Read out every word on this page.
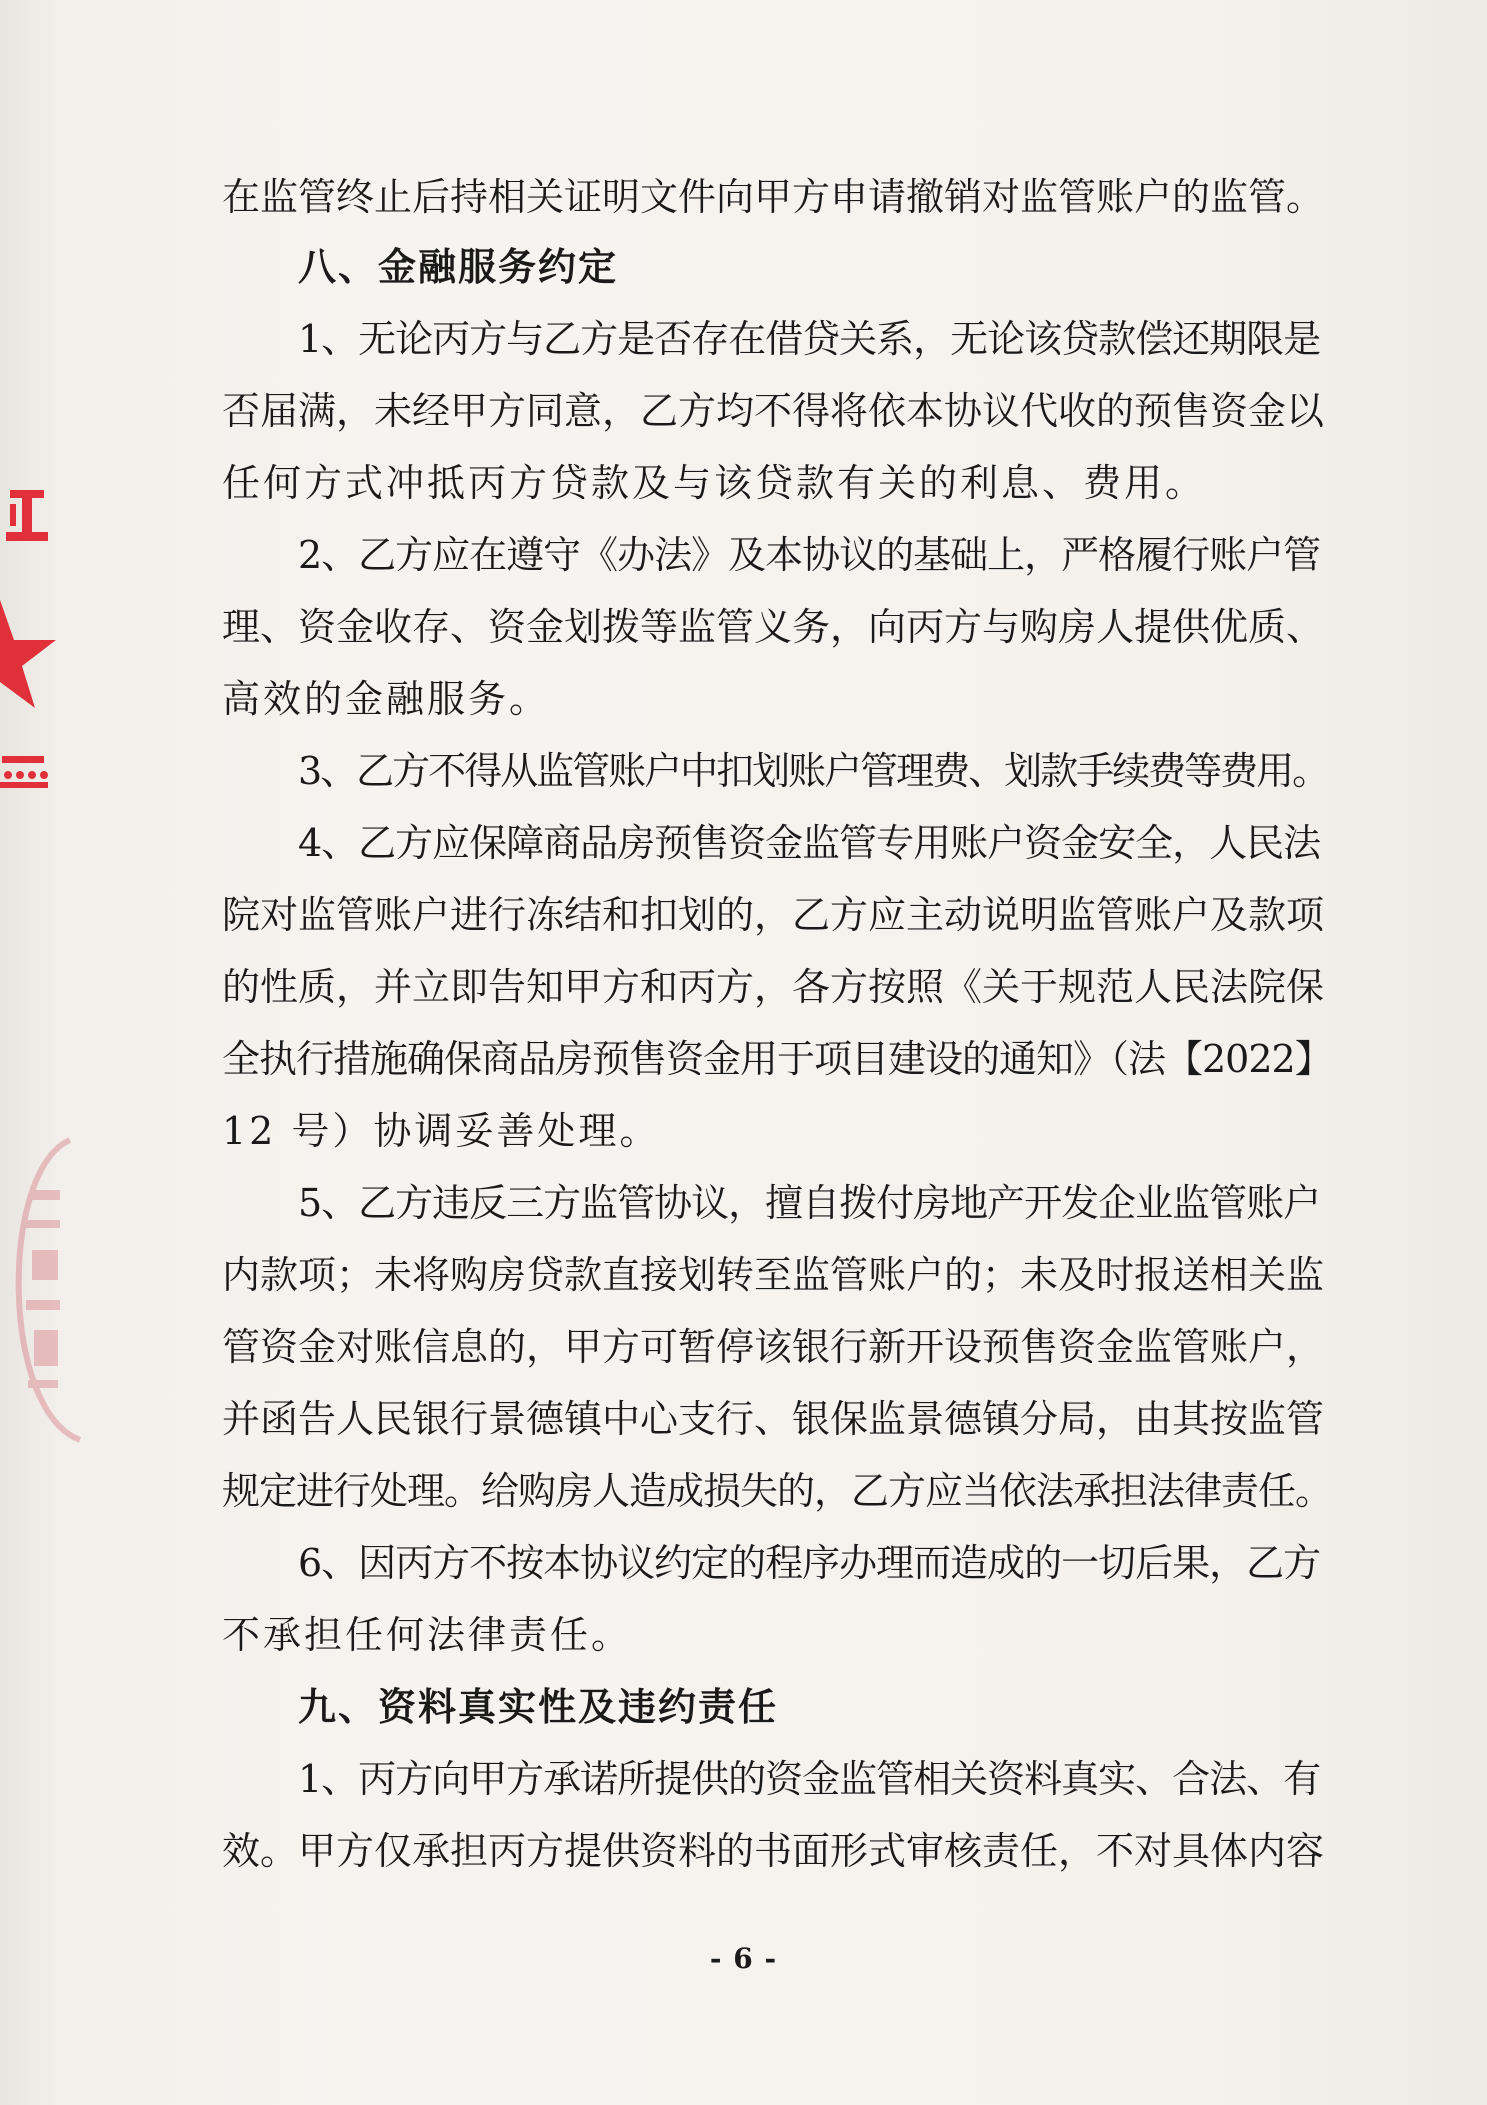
在监管终止后持相关证明文件向甲方申请撤销对监管账户的监管。
八、金融服务约定
1、无论丙方与乙方是否存在借贷关系，无论该贷款偿还期限是
否届满，未经甲方同意，乙方均不得将依本协议代收的预售资金以
任何方式冲抵丙方贷款及与该贷款有关的利息、费用。
2、乙方应在遵守《办法》及本协议的基础上，严格履行账户管
理、资金收存、资金划拨等监管义务，向丙方与购房人提供优质、
高效的金融服务。
3、乙方不得从监管账户中扣划账户管理费、划款手续费等费用。
4、乙方应保障商品房预售资金监管专用账户资金安全，人民法
院对监管账户进行冻结和扣划的，乙方应主动说明监管账户及款项
的性质，并立即告知甲方和丙方，各方按照《关于规范人民法院保
全执行措施确保商品房预售资金用于项目建设的通知》（法【2022】
12 号）协调妥善处理。
5、乙方违反三方监管协议，擅自拨付房地产开发企业监管账户
内款项；未将购房贷款直接划转至监管账户的；未及时报送相关监
管资金对账信息的，甲方可暂停该银行新开设预售资金监管账户，
并函告人民银行景德镇中心支行、银保监景德镇分局，由其按监管
规定进行处理。给购房人造成损失的，乙方应当依法承担法律责任。
6、因丙方不按本协议约定的程序办理而造成的一切后果，乙方
不承担任何法律责任。
九、资料真实性及违约责任
1、丙方向甲方承诺所提供的资金监管相关资料真实、合法、有
效。甲方仅承担丙方提供资料的书面形式审核责任，不对具体内容
- 6 -
